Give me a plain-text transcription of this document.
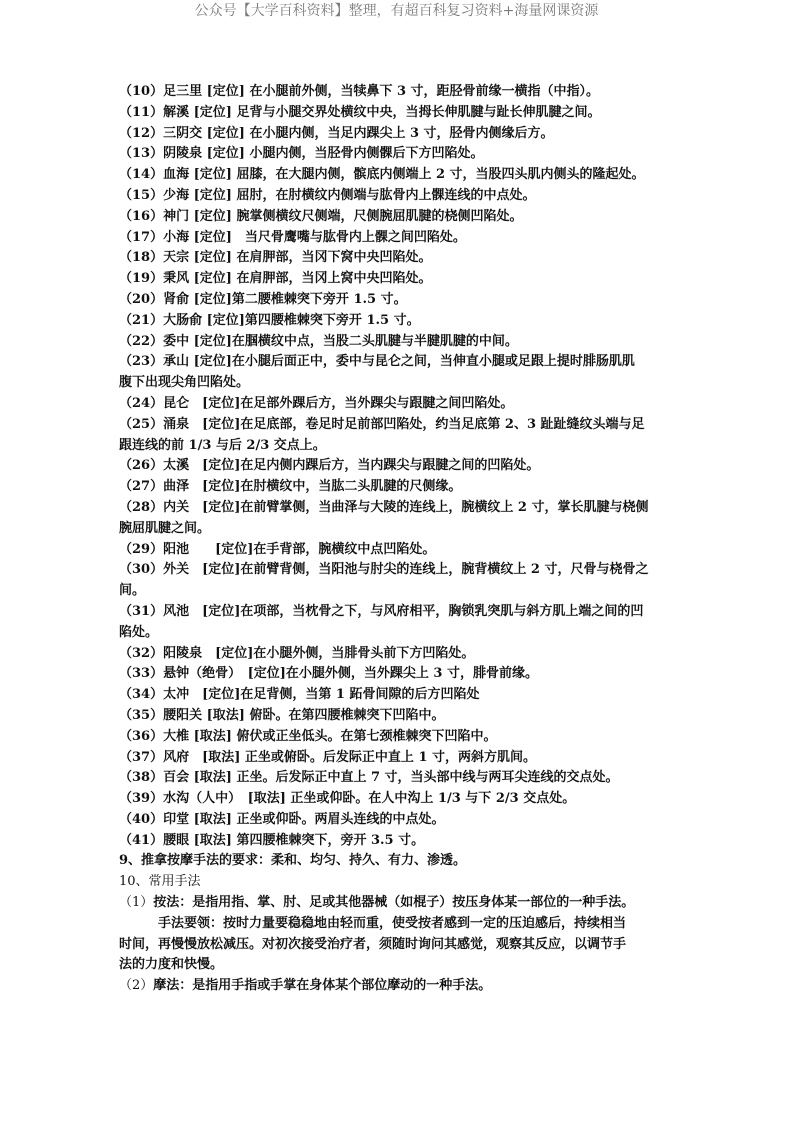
公众号【大学百科资料】整理，有超百科复习资料+海量网课资源
（10）足三里 [定位] 在小腿前外侧，当犊鼻下 3 寸，距胫骨前缘一横指（中指）。
（11）解溪 [定位] 足背与小腿交界处横纹中央，当拇长伸肌腱与趾长伸肌腱之间。
（12）三阴交 [定位] 在小腿内侧，当足内踝尖上 3 寸，胫骨内侧缘后方。
（13）阴陵泉 [定位] 小腿内侧，当胫骨内侧髁后下方凹陷处。
（14）血海 [定位] 屈膝，在大腿内侧，髌底内侧端上 2 寸，当股四头肌内侧头的隆起处。
（15）少海 [定位] 屈肘，在肘横纹内侧端与肱骨内上髁连线的中点处。
（16）神门 [定位] 腕掌侧横纹尺侧端，尺侧腕屈肌腱的桡侧凹陷处。
（17）小海 [定位]　当尺骨鹰嘴与肱骨内上髁之间凹陷处。
（18）天宗 [定位] 在肩胛部，当冈下窝中央凹陷处。
（19）秉风 [定位] 在肩胛部，当冈上窝中央凹陷处。
（20）肾俞 [定位]第二腰椎棘突下旁开 1.5 寸。
（21）大肠俞 [定位]第四腰椎棘突下旁开 1.5 寸。
（22）委中 [定位]在腘横纹中点，当股二头肌腱与半腱肌腱的中间。
（23）承山 [定位]在小腿后面正中，委中与昆仑之间，当伸直小腿或足跟上提时腓肠肌肌
腹下出现尖角凹陷处。
（24）昆仑　[定位]在足部外踝后方，当外踝尖与跟腱之间凹陷处。
（25）涌泉　[定位]在足底部，卷足时足前部凹陷处，约当足底第 2、3 趾趾缝纹头端与足
跟连线的前 1/3 与后 2/3 交点上。
（26）太溪　[定位]在足内侧内踝后方，当内踝尖与跟腱之间的凹陷处。
（27）曲泽　[定位]在肘横纹中，当肱二头肌腱的尺侧缘。
（28）内关　[定位]在前臂掌侧，当曲泽与大陵的连线上，腕横纹上 2 寸，掌长肌腱与桡侧
腕屈肌腱之间。
（29）阳池　　[定位]在手背部，腕横纹中点凹陷处。
（30）外关　[定位]在前臂背侧，当阳池与肘尖的连线上，腕背横纹上 2 寸，尺骨与桡骨之
间。
（31）风池　[定位]在项部，当枕骨之下，与风府相平，胸锁乳突肌与斜方肌上端之间的凹
陷处。
（32）阳陵泉　[定位]在小腿外侧，当腓骨头前下方凹陷处。
（33）悬钟（绝骨）　[定位]在小腿外侧，当外踝尖上 3 寸，腓骨前缘。
（34）太冲　[定位]在足背侧，当第 1 跖骨间隙的后方凹陷处
（35）腰阳关 [取法] 俯卧。在第四腰椎棘突下凹陷中。
（36）大椎 [取法] 俯伏或正坐低头。在第七颈椎棘突下凹陷中。
（37）风府　[取法] 正坐或俯卧。后发际正中直上 1 寸，两斜方肌间。
（38）百会 [取法] 正坐。后发际正中直上 7 寸，当头部中线与两耳尖连线的交点处。
（39）水沟（人中）　[取法] 正坐或仰卧。在人中沟上 1/3 与下 2/3 交点处。
（40）印堂 [取法] 正坐或仰卧。两眉头连线的中点处。
（41）腰眼 [取法] 第四腰椎棘突下，旁开 3.5 寸。
9、推拿按摩手法的要求：柔和、均匀、持久、有力、渗透。
10、常用手法
（1）按法：是指用指、掌、肘、足或其他器械（如棍子）按压身体某一部位的一种手法。
　　　手法要领：按时力量要稳稳地由轻而重，使受按者感到一定的压迫感后，持续相当
时间，再慢慢放松减压。对初次接受治疗者，须随时询问其感觉，观察其反应，以调节手
法的力度和快慢。
（2）摩法：是指用手指或手掌在身体某个部位摩动的一种手法。
